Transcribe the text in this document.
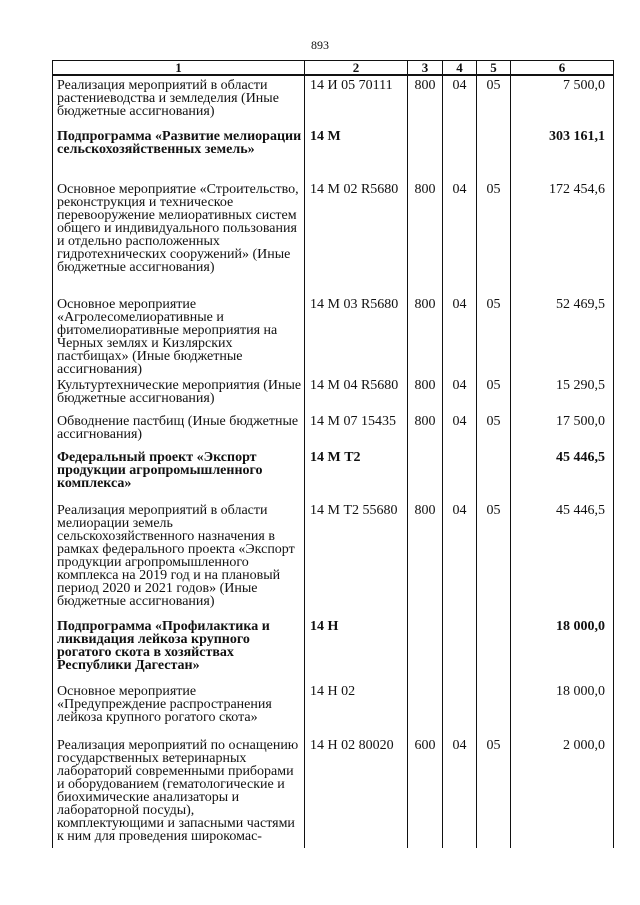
893
1	2	3	4	5	6
Реализация мероприятий в области растениеводства и земледелия (Иные бюджетные ассигнования)	14 И 05 70111	800	04	05	7 500,0
Подпрограмма «Развитие мелиорации сельскохозяйственных земель»	14 М				303 161,1
Основное мероприятие «Строительство, реконструкция и техническое перевооружение мелиоративных систем общего и индивидуального пользования и отдельно расположенных гидротехнических сооружений» (Иные бюджетные ассигнования)	14 М 02 R5680	800	04	05	172 454,6
Основное мероприятие «Агролесомелиоративные и фитомелиоративные мероприятия на Черных землях и Кизлярских пастбищах» (Иные бюджетные ассигнования)	14 М 03 R5680	800	04	05	52 469,5
Культуртехнические мероприятия (Иные бюджетные ассигнования)	14 М 04 R5680	800	04	05	15 290,5
Обводнение пастбищ (Иные бюджетные ассигнования)	14 М 07 15435	800	04	05	17 500,0
Федеральный проект «Экспорт продукции агропромышленного комплекса»	14 М Т2				45 446,5
Реализация мероприятий в области мелиорации земель сельскохозяйственного назначения в рамках федерального проекта «Экспорт продукции агропромышленного комплекса на 2019 год и на плановый период 2020 и 2021 годов» (Иные бюджетные ассигнования)	14 М Т2 55680	800	04	05	45 446,5
Подпрограмма «Профилактика и ликвидация лейкоза крупного рогатого скота в хозяйствах Республики Дагестан»	14 Н				18 000,0
Основное мероприятие «Предупреждение распространения лейкоза крупного рогатого скота»	14 Н 02				18 000,0
Реализация мероприятий по оснащению государственных ветеринарных лабораторий современными приборами и оборудованием (гематологические и биохимические анализаторы и лабораторной посуды), комплектующими и запасными частями к ним для проведения широкомас-	14 Н 02 80020	600	04	05	2 000,0
